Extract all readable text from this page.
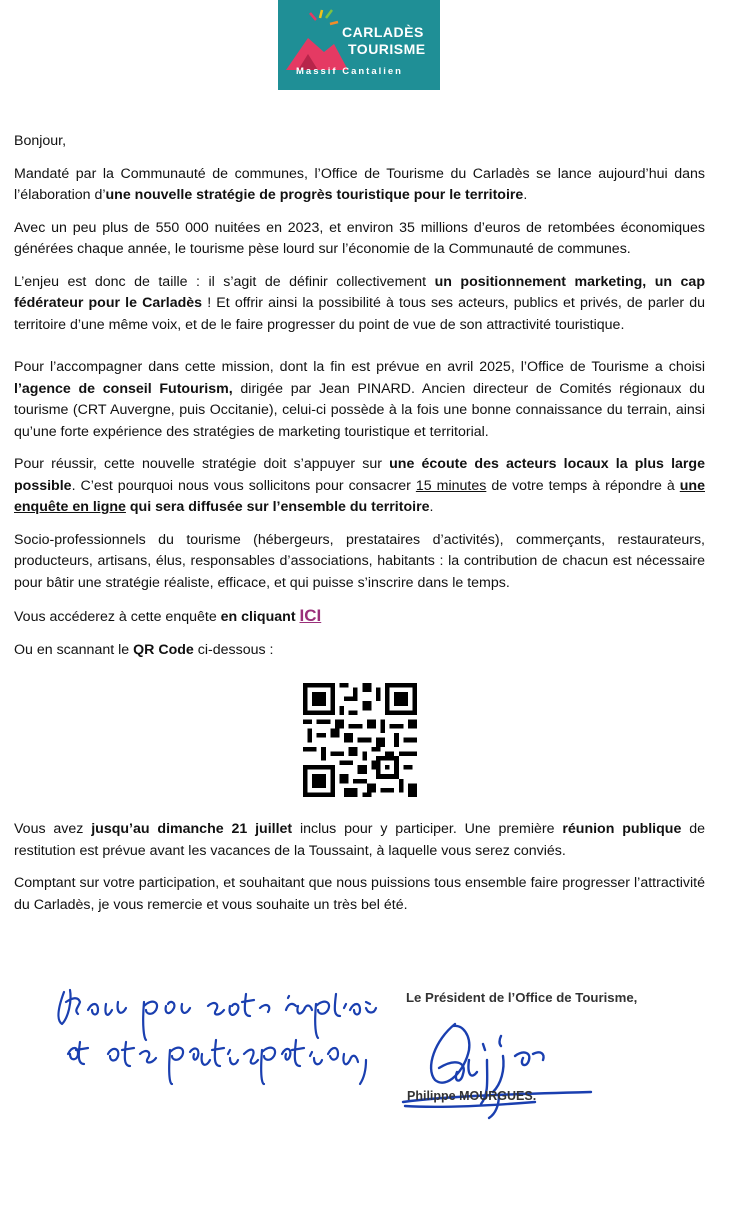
CARLADÈS
TOURISME
Massif Cantalien

Bonjour,

Mandaté par la Communauté de communes, l’Office de Tourisme du Carladès se lance aujourd’hui dans l’élaboration d’une nouvelle stratégie de progrès touristique pour le territoire.

Avec un peu plus de 550 000 nuitées en 2023, et environ 35 millions d’euros de retombées économiques générées chaque année, le tourisme pèse lourd sur l’économie de la Communauté de communes.

L’enjeu est donc de taille : il s’agit de définir collectivement un positionnement marketing, un cap fédérateur pour le Carladès ! Et offrir ainsi la possibilité à tous ses acteurs, publics et privés, de parler du territoire d’une même voix, et de le faire progresser du point de vue de son attractivité touristique.

Pour l’accompagner dans cette mission, dont la fin est prévue en avril 2025, l’Office de Tourisme a choisi l’agence de conseil Futourism, dirigée par Jean PINARD. Ancien directeur de Comités régionaux du tourisme (CRT Auvergne, puis Occitanie), celui-ci possède à la fois une bonne connaissance du terrain, ainsi qu’une forte expérience des stratégies de marketing touristique et territorial.

Pour réussir, cette nouvelle stratégie doit s’appuyer sur une écoute des acteurs locaux la plus large possible. C’est pourquoi nous vous sollicitons pour consacrer 15 minutes de votre temps à répondre à une enquête en ligne qui sera diffusée sur l’ensemble du territoire.

Socio-professionnels du tourisme (hébergeurs, prestataires d’activités), commerçants, restaurateurs, producteurs, artisans, élus, responsables d’associations, habitants : la contribution de chacun est nécessaire pour bâtir une stratégie réaliste, efficace, et qui puisse s’inscrire dans le temps.

Vous accéderez à cette enquête en cliquant ICI

Ou en scannant le QR Code ci-dessous :

Vous avez jusqu’au dimanche 21 juillet inclus pour y participer. Une première réunion publique de restitution est prévue avant les vacances de la Toussaint, à laquelle vous serez conviés.

Comptant sur votre participation, et souhaitant que nous puissions tous ensemble faire progresser l’attractivité du Carladès, je vous remercie et vous souhaite un très bel été.

Le Président de l’Office de Tourisme,
Philippe MOURGUES.
